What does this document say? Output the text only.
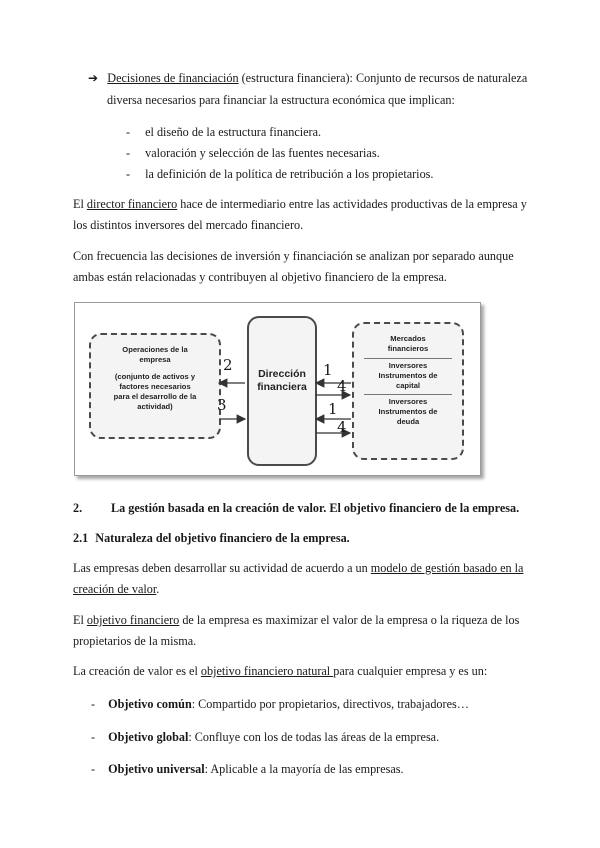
➔ Decisiones de financiación (estructura financiera): Conjunto de recursos de naturaleza
diversa necesarios para financiar la estructura económica que implican:
- el diseño de la estructura financiera.
- valoración y selección de las fuentes necesarias.
- la definición de la política de retribución a los propietarios.
El director financiero hace de intermediario entre las actividades productivas de la empresa y
los distintos inversores del mercado financiero.
Con frecuencia las decisiones de inversión y financiación se analizan por separado aunque
ambas están relacionadas y contribuyen al objetivo financiero de la empresa.
Operaciones de la
empresa
(conjunto de activos y
factores necesarios
para el desarrollo de la
actividad)
Dirección
financiera
Mercados
financieros
Inversores
Instrumentos de
capital
Inversores
Instrumentos de
deuda
2
3
1
4
1
4
2. La gestión basada en la creación de valor. El objetivo financiero de la empresa.
2.1 Naturaleza del objetivo financiero de la empresa.
Las empresas deben desarrollar su actividad de acuerdo a un modelo de gestión basado en la
creación de valor.
El objetivo financiero de la empresa es maximizar el valor de la empresa o la riqueza de los
propietarios de la misma.
La creación de valor es el objetivo financiero natural para cualquier empresa y es un:
- Objetivo común: Compartido por propietarios, directivos, trabajadores…
- Objetivo global: Confluye con los de todas las áreas de la empresa.
- Objetivo universal: Aplicable a la mayoría de las empresas.
